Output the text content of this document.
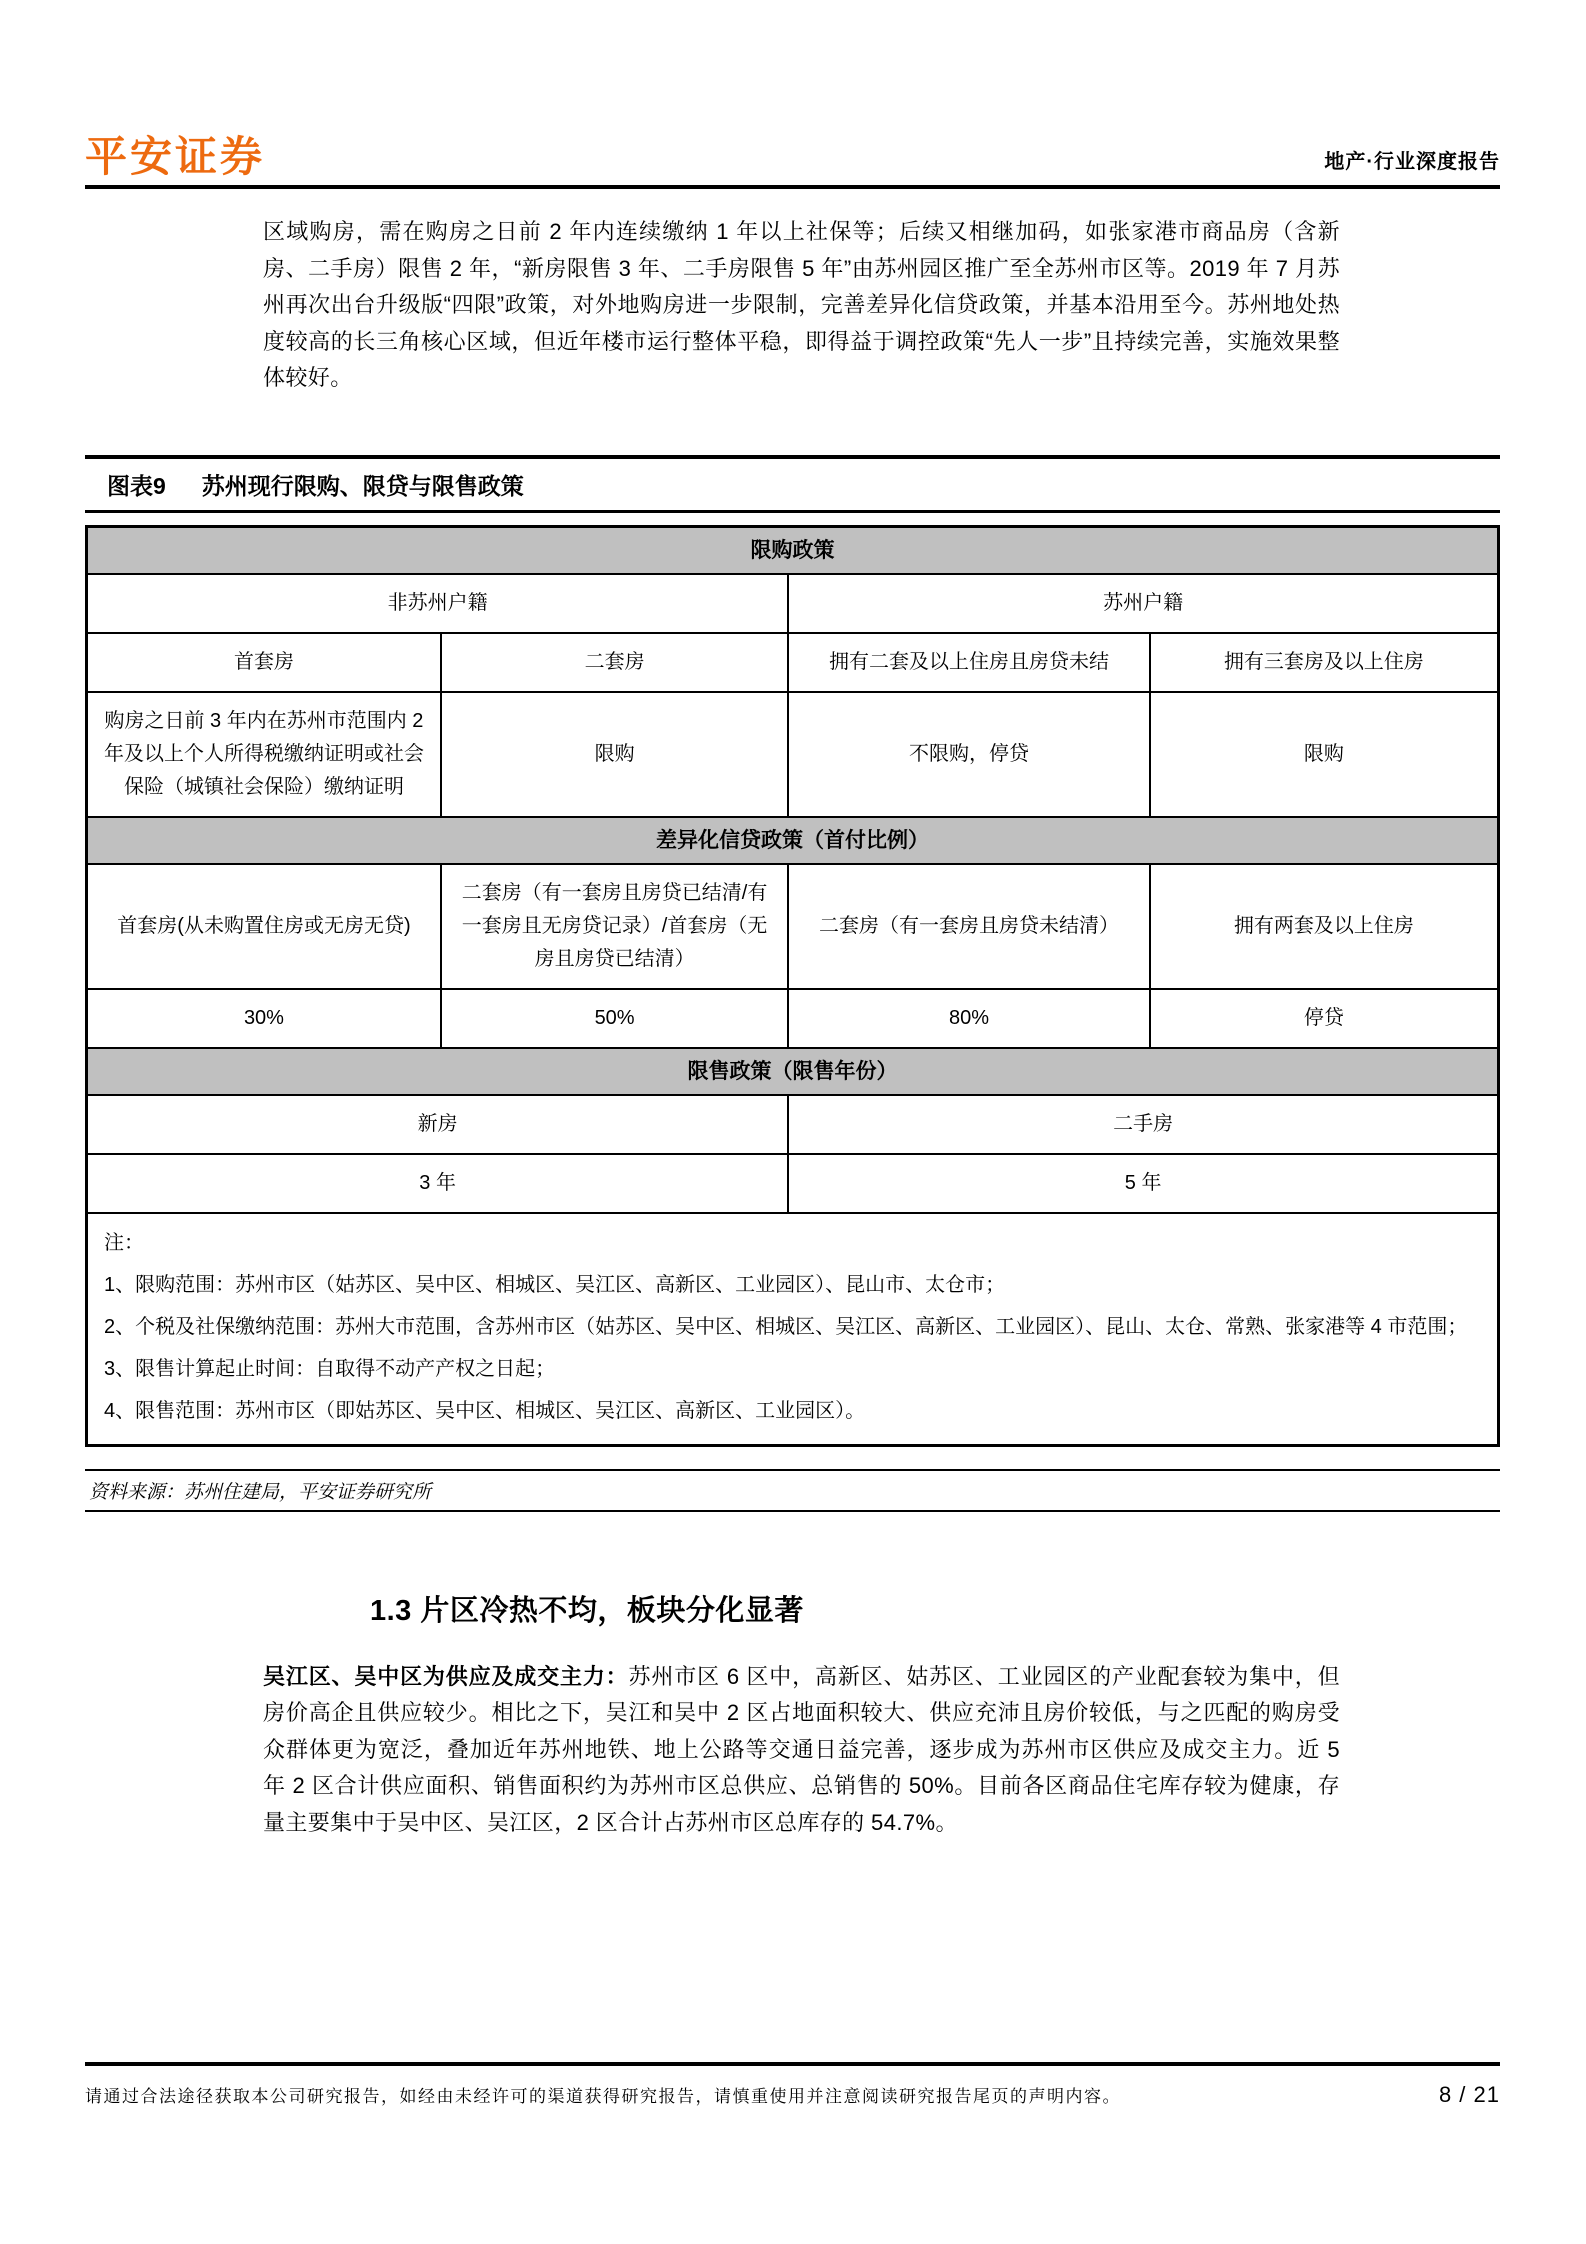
平安证券	地产·行业深度报告
区域购房，需在购房之日前 2 年内连续缴纳 1 年以上社保等；后续又相继加码，如张家港市商品房（含新房、二手房）限售 2 年，“新房限售 3 年、二手房限售 5 年”由苏州园区推广至全苏州市区等。2019 年 7 月苏州再次出台升级版“四限”政策，对外地购房进一步限制，完善差异化信贷政策，并基本沿用至今。苏州地处热度较高的长三角核心区域，但近年楼市运行整体平稳，即得益于调控政策“先人一步”且持续完善，实施效果整体较好。
图表9 苏州现行限购、限贷与限售政策
限购政策			
非苏州户籍		苏州户籍	
首套房	二套房	拥有二套及以上住房且房贷未结	拥有三套房及以上住房
购房之日前 3 年内在苏州市范围内 2 年及以上个人所得税缴纳证明或社会保险（城镇社会保险）缴纳证明	限购	不限购，停贷	限购
差异化信贷政策（首付比例）			
首套房(从未购置住房或无房无贷)	二套房（有一套房且房贷已结清/有一套房且无房贷记录）/首套房（无房且房贷已结清）	二套房（有一套房且房贷未结清）	拥有两套及以上住房
30%	50%	80%	停贷
限售政策（限售年份）			
新房		二手房	
3 年		5 年	

注：
1、限购范围：苏州市区（姑苏区、吴中区、相城区、吴江区、高新区、工业园区）、昆山市、太仓市；
2、个税及社保缴纳范围：苏州大市范围，含苏州市区（姑苏区、吴中区、相城区、吴江区、高新区、工业园区）、昆山、太仓、常熟、张家港等 4 市范围；
3、限售计算起止时间：自取得不动产产权之日起；
4、限售范围：苏州市区（即姑苏区、吴中区、相城区、吴江区、高新区、工业园区）。			
资料来源：苏州住建局，平安证券研究所
1.3 片区冷热不均，板块分化显著
吴江区、吴中区为供应及成交主力：苏州市区 6 区中，高新区、姑苏区、工业园区的产业配套较为集中，但房价高企且供应较少。相比之下，吴江和吴中 2 区占地面积较大、供应充沛且房价较低，与之匹配的购房受众群体更为宽泛，叠加近年苏州地铁、地上公路等交通日益完善，逐步成为苏州市区供应及成交主力。近 5 年 2 区合计供应面积、销售面积约为苏州市区总供应、总销售的 50%。目前各区商品住宅库存较为健康，存量主要集中于吴中区、吴江区，2 区合计占苏州市区总库存的 54.7%。
请通过合法途径获取本公司研究报告，如经由未经许可的渠道获得研究报告，请慎重使用并注意阅读研究报告尾页的声明内容。	8 / 21
